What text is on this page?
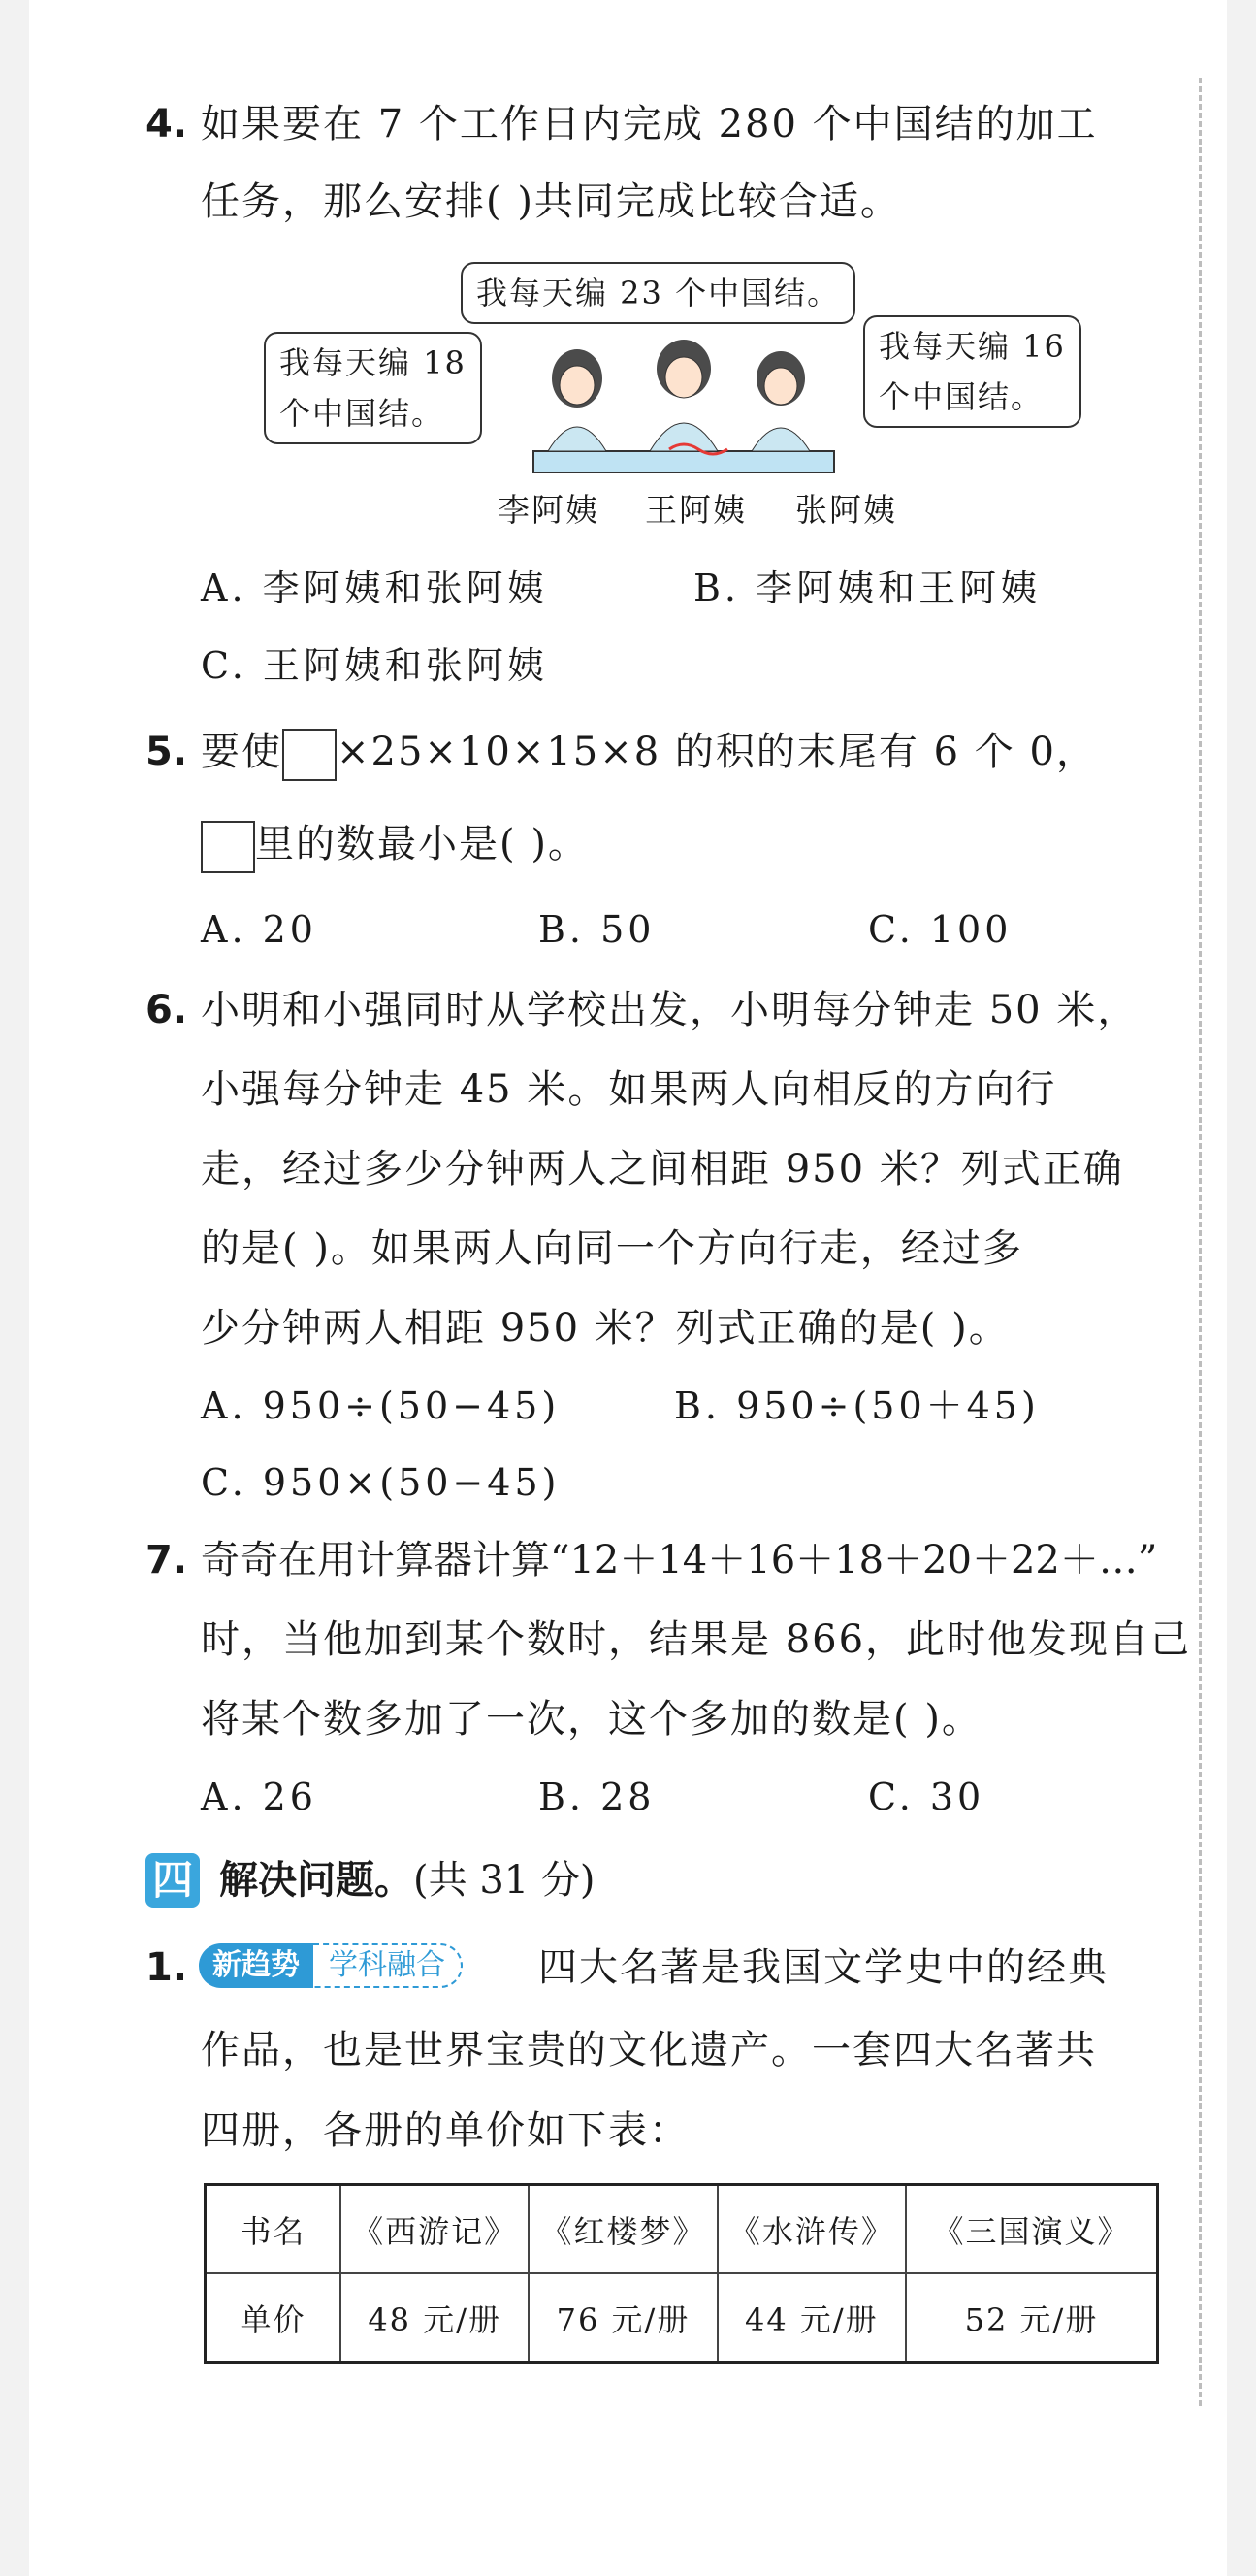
4. 如果要在 7 个工作日内完成 280 个中国结的加工
任务，那么安排( )共同完成比较合适。
我每天编 23 个中国结。
我每天编 18
个中国结。
我每天编 16
个中国结。
李阿姨 王阿姨 张阿姨
A. 李阿姨和张阿姨	B. 李阿姨和王阿姨
C. 王阿姨和张阿姨
5. 要使 ×25×10×15×8 的积的末尾有 6 个 0，
里的数最小是( )。
A. 20	B. 50	C. 100
6. 小明和小强同时从学校出发，小明每分钟走 50 米，
小强每分钟走 45 米。如果两人向相反的方向行
走，经过多少分钟两人之间相距 950 米？列式正确
的是( )。如果两人向同一个方向行走，经过多
少分钟两人相距 950 米？列式正确的是( )。
A. 950÷(50−45)	B. 950÷(50＋45)
C. 950×(50−45)
7. 奇奇在用计算器计算“12＋14＋16＋18＋20＋22＋…”
时，当他加到某个数时，结果是 866，此时他发现自己
将某个数多加了一次，这个多加的数是( )。
A. 26	B. 28	C. 30
四 解决问题。(共 31 分)
1. 新趋势	学科融合	四大名著是我国文学史中的经典
作品，也是世界宝贵的文化遗产。一套四大名著共
四册，各册的单价如下表：
书名	《西游记》	《红楼梦》	《水浒传》	《三国演义》
单价	48 元/册	76 元/册	44 元/册	52 元/册
